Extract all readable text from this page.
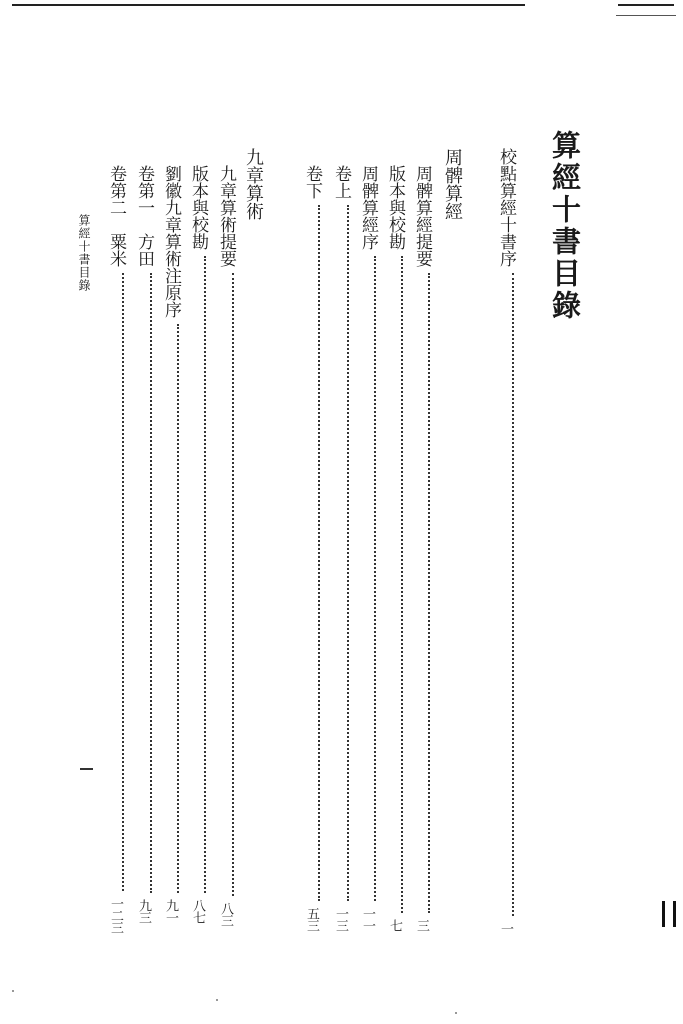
算經十書目錄
校點算經十書序
一
周髀算經
周髀算經提要
三
版本與校勘
七
周髀算經序
一一
卷上
一三
卷下
五三
九章算術
九章算術提要
八三
版本與校勘
八七
劉徽九章算術注原序
九一
卷第一　方田
九三
卷第二　粟米
一二三
算經十書目錄
